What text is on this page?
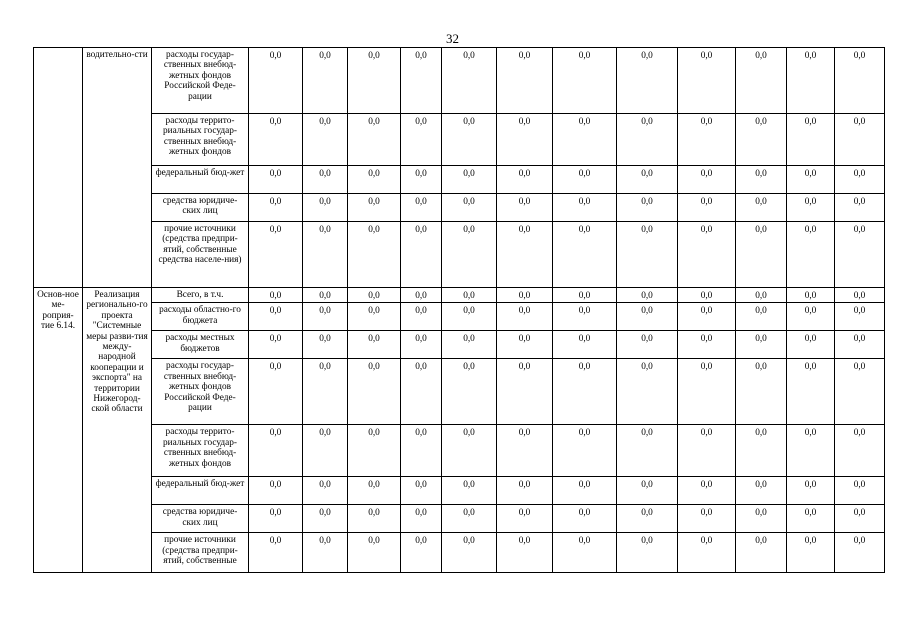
32
	водительно-сти	расходы государ-ственных внебюд-жетных фондов Российской Феде-рации	0,0	0,0	0,0	0,0	0,0	0,0	0,0	0,0	0,0	0,0	0,0	0,0
		расходы террито-риальных государ-ственных внебюд-жетных фондов	0,0	0,0	0,0	0,0	0,0	0,0	0,0	0,0	0,0	0,0	0,0	0,0
		федеральный бюд-жет	0,0	0,0	0,0	0,0	0,0	0,0	0,0	0,0	0,0	0,0	0,0	0,0
		средства юридиче-ских лиц	0,0	0,0	0,0	0,0	0,0	0,0	0,0	0,0	0,0	0,0	0,0	0,0
		прочие источники (средства предпри-ятий, собственные средства населе-ния)	0,0	0,0	0,0	0,0	0,0	0,0	0,0	0,0	0,0	0,0	0,0	0,0
Основ-ное ме-роприя-тие 6.14.	Реализация регионально-го проекта "Системные меры разви-тия между-народной кооперации и экспорта" на территории Нижегород-ской области	Всего, в т.ч.	0,0	0,0	0,0	0,0	0,0	0,0	0,0	0,0	0,0	0,0	0,0	0,0
		расходы областно-го бюджета	0,0	0,0	0,0	0,0	0,0	0,0	0,0	0,0	0,0	0,0	0,0	0,0
		расходы местных бюджетов	0,0	0,0	0,0	0,0	0,0	0,0	0,0	0,0	0,0	0,0	0,0	0,0
		расходы государ-ственных внебюд-жетных фондов Российской Феде-рации	0,0	0,0	0,0	0,0	0,0	0,0	0,0	0,0	0,0	0,0	0,0	0,0
		расходы террито-риальных государ-ственных внебюд-жетных фондов	0,0	0,0	0,0	0,0	0,0	0,0	0,0	0,0	0,0	0,0	0,0	0,0
		федеральный бюд-жет	0,0	0,0	0,0	0,0	0,0	0,0	0,0	0,0	0,0	0,0	0,0	0,0
		средства юридиче-ских лиц	0,0	0,0	0,0	0,0	0,0	0,0	0,0	0,0	0,0	0,0	0,0	0,0
		прочие источники (средства предпри-ятий, собственные	0,0	0,0	0,0	0,0	0,0	0,0	0,0	0,0	0,0	0,0	0,0	0,0
